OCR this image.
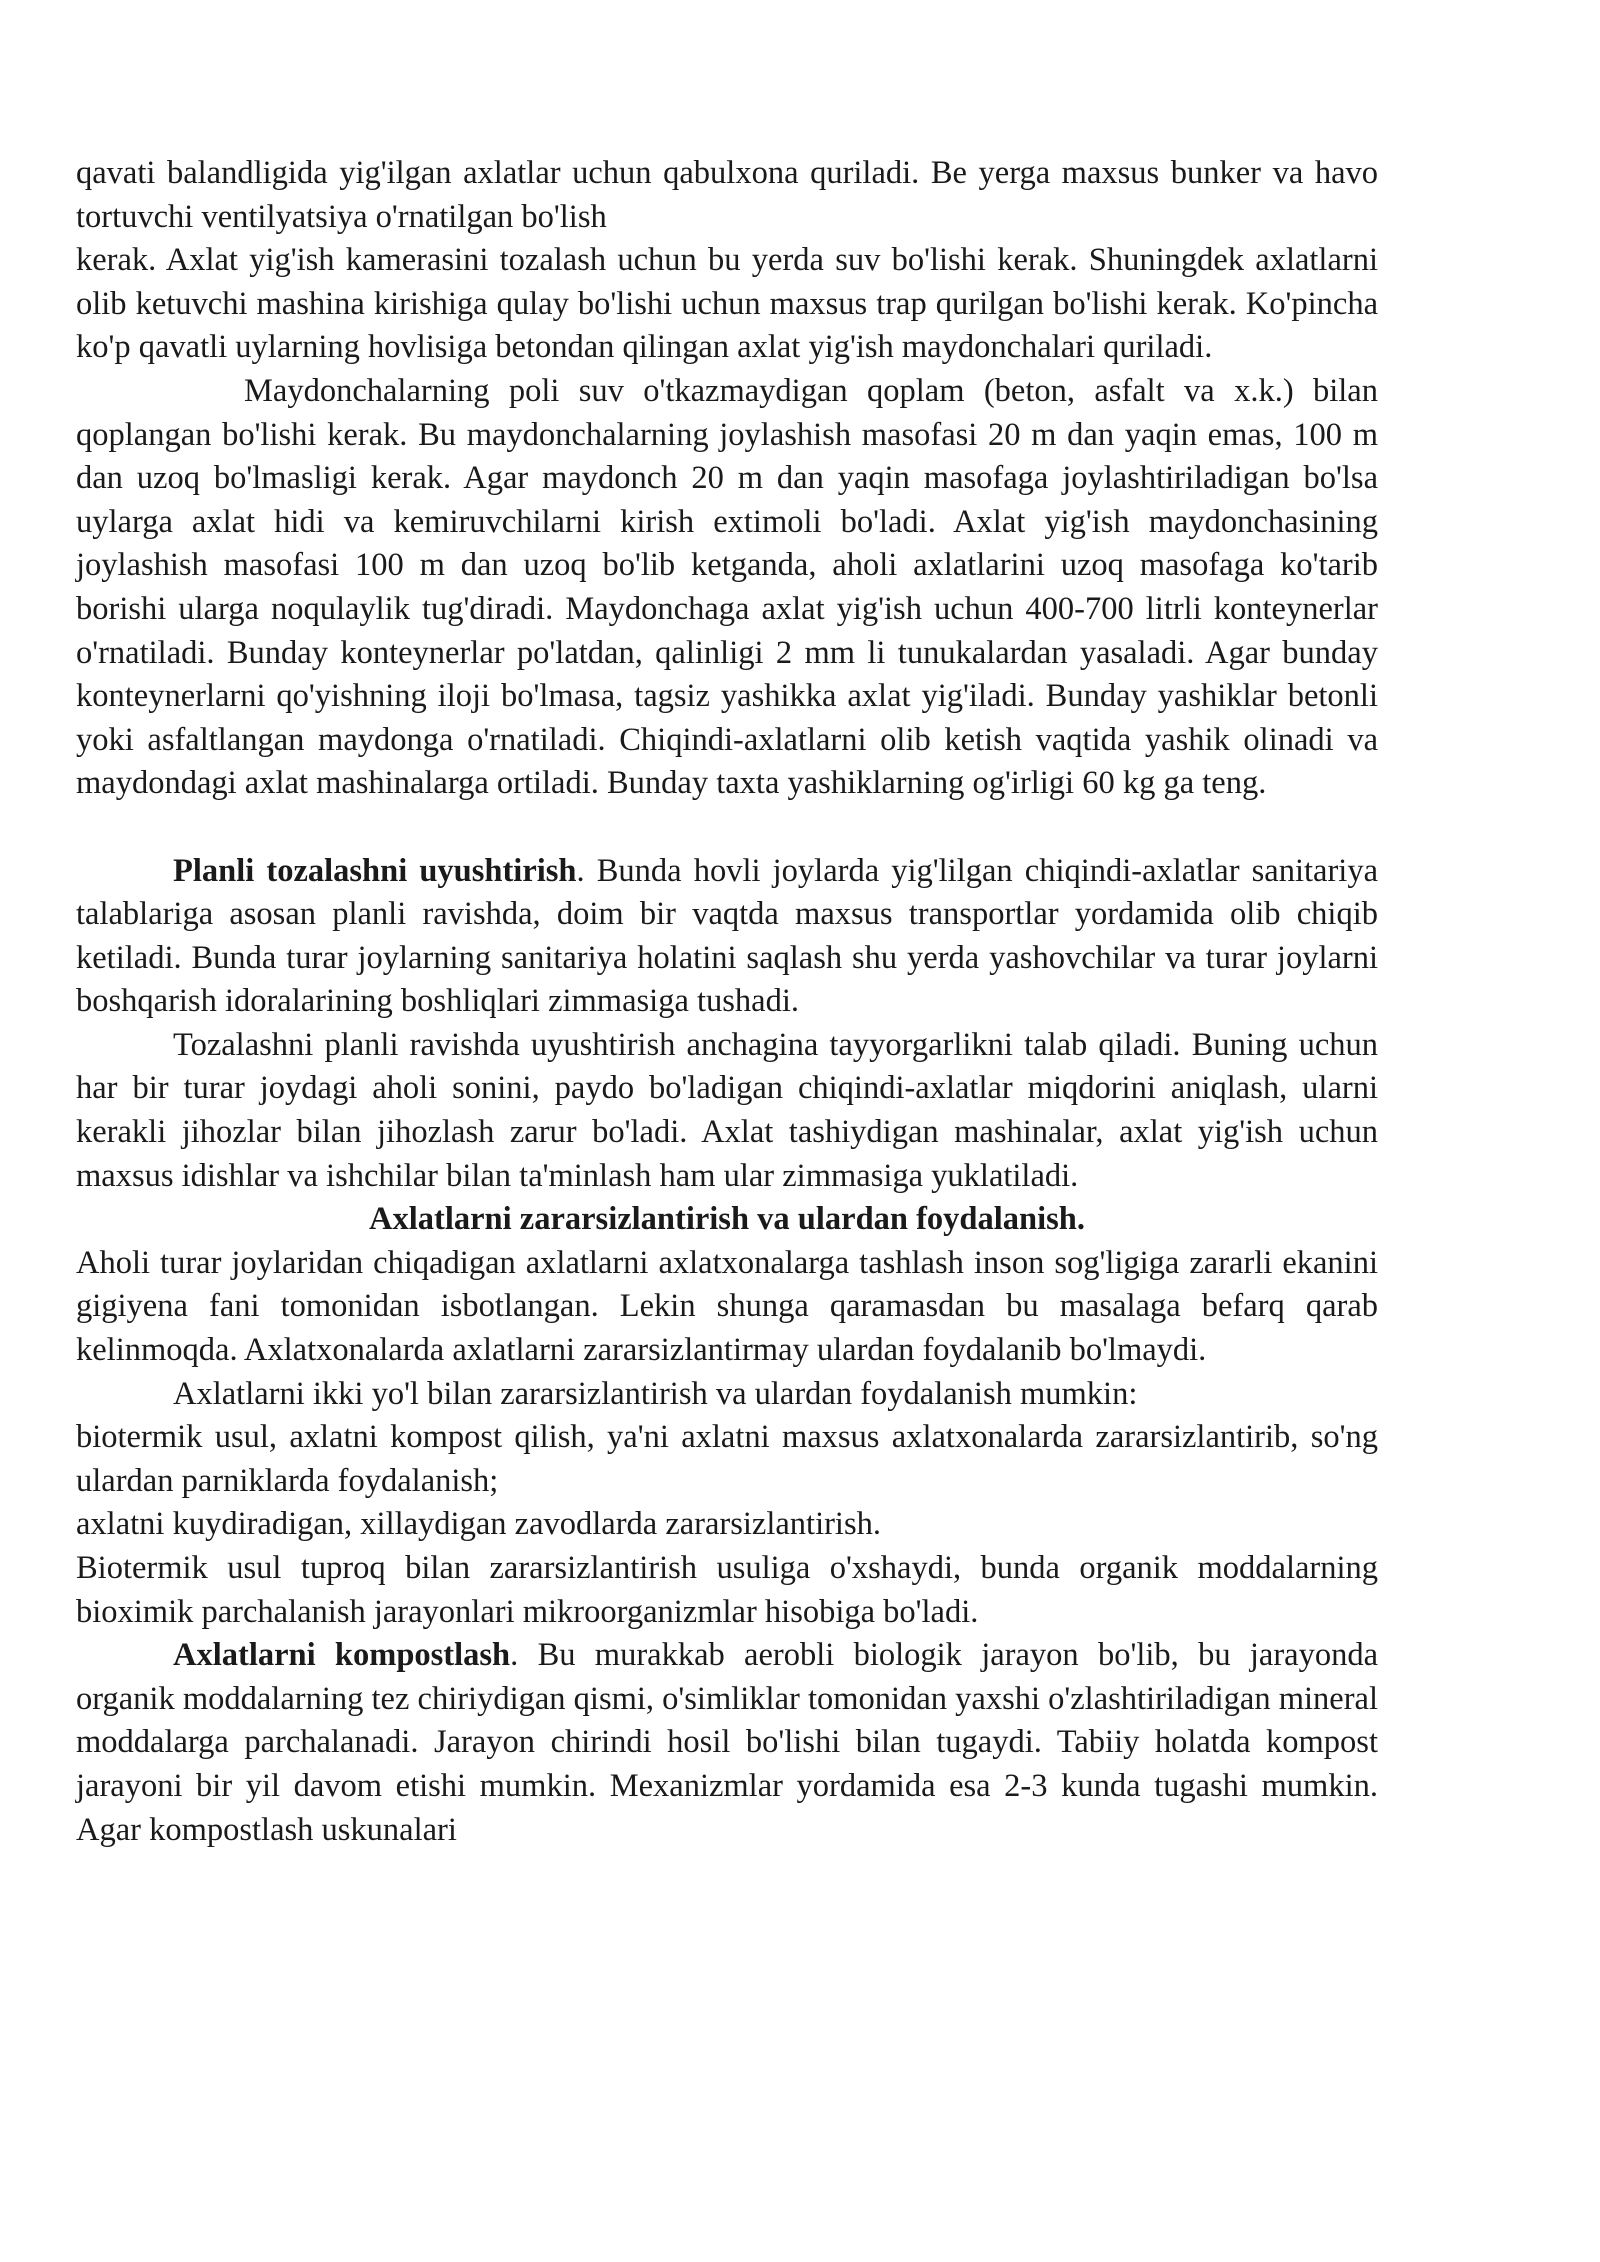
qavati balandligida yig'ilgan axlatlar uchun qabulxona quriladi. Be yerga maxsus bunker va havo tortuvchi ventilyatsiya o'rnatilgan bo'lish

kerak. Axlat yig'ish kamerasini tozalash uchun bu yerda suv bo'lishi kerak. Shuningdek axlatlarni olib ketuvchi mashina kirishiga qulay bo'lishi uchun maxsus trap qurilgan bo'lishi kerak. Ko'pincha ko'p qavatli uylarning hovlisiga betondan qilingan axlat yig'ish maydonchalari quriladi.

Maydonchalarning poli suv o'tkazmaydigan qoplam (beton, asfalt va x.k.) bilan qoplangan bo'lishi kerak. Bu maydonchalarning joylashish masofasi 20 m dan yaqin emas, 100 m dan uzoq bo'lmasligi kerak. Agar maydonch 20 m dan yaqin masofaga joylashtiriladigan bo'lsa uylarga axlat hidi va kemiruvchilarni kirish extimoli bo'ladi. Axlat yig'ish maydonchasining joylashish masofasi 100 m dan uzoq bo'lib ketganda, aholi axlatlarini uzoq masofaga ko'tarib borishi ularga noqulaylik tug'diradi. Maydonchaga axlat yig'ish uchun 400-700 litrli konteynerlar o'rnatiladi. Bunday konteynerlar po'latdan, qalinligi 2 mm li tunukalardan yasaladi. Agar bunday konteynerlarni qo'yishning iloji bo'lmasa, tagsiz yashikka axlat yig'iladi. Bunday yashiklar betonli yoki asfaltlangan maydonga o'rnatiladi. Chiqindi-axlatlarni olib ketish vaqtida yashik olinadi va maydondagi axlat mashinalarga ortiladi. Bunday taxta yashiklarning og'irligi 60 kg ga teng.

Planli tozalashni uyushtirish. Bunda hovli joylarda yig'lilgan chiqindi-axlatlar sanitariya talablariga asosan planli ravishda, doim bir vaqtda maxsus transportlar yordamida olib chiqib ketiladi. Bunda turar joylarning sanitariya holatini saqlash shu yerda yashovchilar va turar joylarni boshqarish idoralarining boshliqlari zimmasiga tushadi.

Tozalashni planli ravishda uyushtirish anchagina tayyorgarlikni talab qiladi. Buning uchun har bir turar joydagi aholi sonini, paydo bo'ladigan chiqindi-axlatlar miqdorini aniqlash, ularni kerakli jihozlar bilan jihozlash zarur bo'ladi. Axlat tashiydigan mashinalar, axlat yig'ish uchun maxsus idishlar va ishchilar bilan ta'minlash ham ular zimmasiga yuklatiladi.

Axlatlarni zararsizlantirish va ulardan foydalanish.

Aholi turar joylaridan chiqadigan axlatlarni axlatxonalarga tashlash inson sog'ligiga zararli ekanini gigiyena fani tomonidan isbotlangan. Lekin shunga qaramasdan bu masalaga befarq qarab kelinmoqda. Axlatxonalarda axlatlarni zararsizlantirmay ulardan foydalanib bo'lmaydi.

Axlatlarni ikki yo'l bilan zararsizlantirish va ulardan foydalanish mumkin:

biotermik usul, axlatni kompost qilish, ya'ni axlatni maxsus axlatxonalarda zararsizlantirib, so'ng ulardan parniklarda foydalanish;

axlatni kuydiradigan, xillaydigan zavodlarda zararsizlantirish.

Biotermik usul tuproq bilan zararsizlantirish usuliga o'xshaydi, bunda organik moddalarning bioximik parchalanish jarayonlari mikroorganizmlar hisobiga bo'ladi.

Axlatlarni kompostlash. Bu murakkab aerobli biologik jarayon bo'lib, bu jarayonda organik moddalarning tez chiriydigan qismi, o'simliklar tomonidan yaxshi o'zlashtiriladigan mineral moddalarga parchalanadi. Jarayon chirindi hosil bo'lishi bilan tugaydi. Tabiiy holatda kompost jarayoni bir yil davom etishi mumkin. Mexanizmlar yordamida esa 2-3 kunda tugashi mumkin. Agar kompostlash uskunalari
